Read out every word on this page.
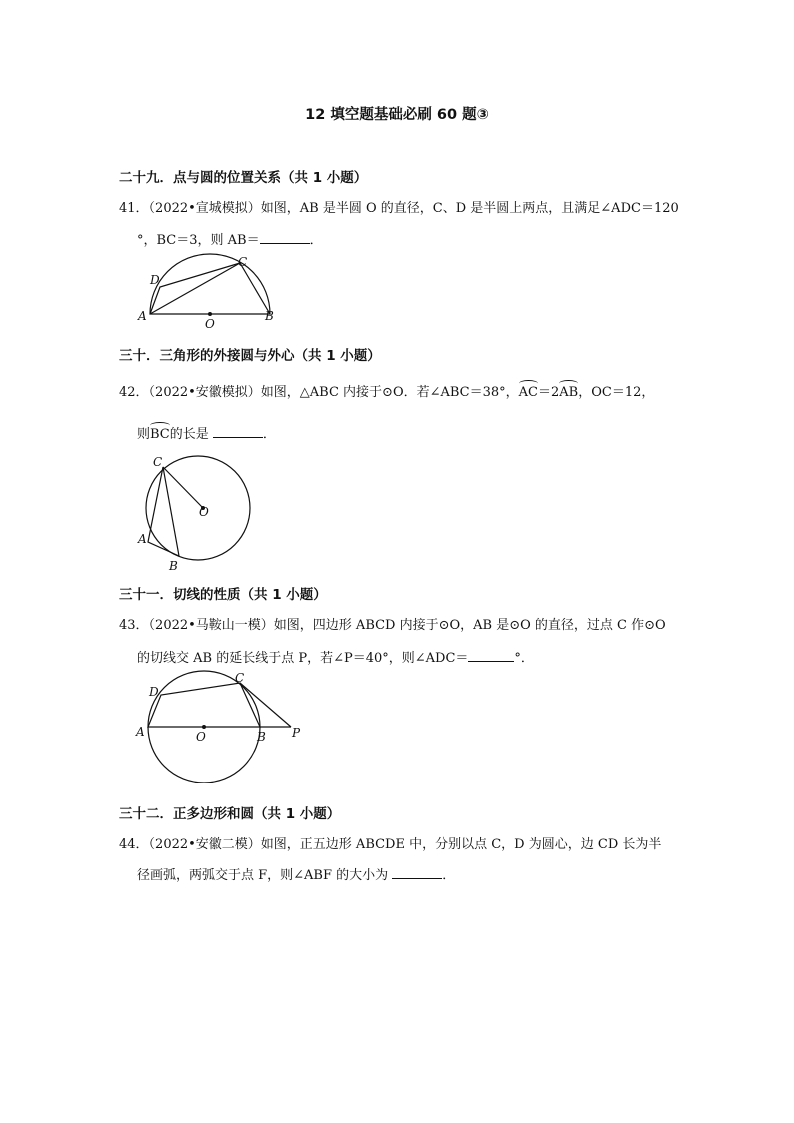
12 填空题基础必刷 60 题③
二十九．点与圆的位置关系（共 1 小题）
41．（2022•宣城模拟）如图，AB 是半圆 O 的直径，C、D 是半圆上两点，且满足∠ADC＝120
°，BC＝3，则 AB＝	．
D
C
A
O
B
三十．三角形的外接圆与外心（共 1 小题）
42．（2022•安徽模拟）如图，△ABC 内接于⊙O．若∠ABC＝38°，AC＝2AB，OC＝12，
则BC的长是	．
C
O
A
B
三十一．切线的性质（共 1 小题）
43．（2022•马鞍山一模）如图，四边形 ABCD 内接于⊙O，AB 是⊙O 的直径，过点 C 作⊙O
的切线交 AB 的延长线于点 P，若∠P＝40°，则∠ADC＝	°．
D
C
A	O	B P
三十二．正多边形和圆（共 1 小题）
44．（2022•安徽二模）如图，正五边形 ABCDE 中，分别以点 C，D 为圆心，边 CD 长为半
径画弧，两弧交于点 F，则∠ABF 的大小为	．
